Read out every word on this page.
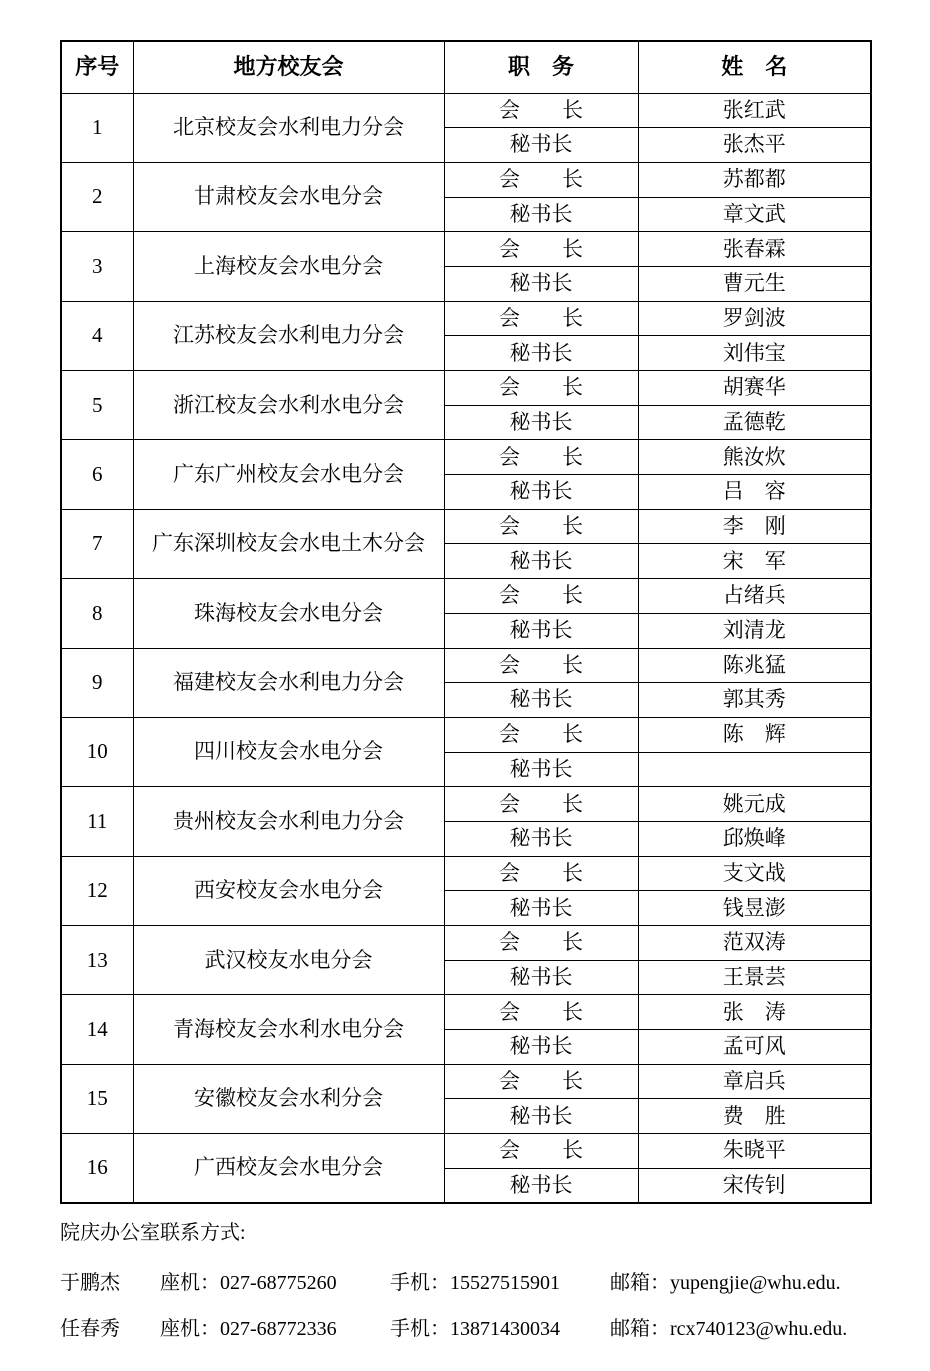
序号	地方校友会	职　务	姓　名
1	北京校友会水利电力分会	会　　长	张红武
		秘书长	张杰平
2	甘肃校友会水电分会	会　　长	苏都都
		秘书长	章文武
3	上海校友会水电分会	会　　长	张春霖
		秘书长	曹元生
4	江苏校友会水利电力分会	会　　长	罗剑波
		秘书长	刘伟宝
5	浙江校友会水利水电分会	会　　长	胡赛华
		秘书长	孟德乾
6	广东广州校友会水电分会	会　　长	熊汝炊
		秘书长	吕　容
7	广东深圳校友会水电土木分会	会　　长	李　刚
		秘书长	宋　军
8	珠海校友会水电分会	会　　长	占绪兵
		秘书长	刘清龙
9	福建校友会水利电力分会	会　　长	陈兆猛
		秘书长	郭其秀
10	四川校友会水电分会	会　　长	陈　辉
		秘书长	
11	贵州校友会水利电力分会	会　　长	姚元成
		秘书长	邱焕峰
12	西安校友会水电分会	会　　长	支文战
		秘书长	钱昱澎
13	武汉校友水电分会	会　　长	范双涛
		秘书长	王景芸
14	青海校友会水利水电分会	会　　长	张　涛
		秘书长	孟可风
15	安徽校友会水利分会	会　　长	章启兵
		秘书长	费　胜
16	广西校友会水电分会	会　　长	朱晓平
		秘书长	宋传钊
院庆办公室联系方式:
于鹏杰 座机：027-68775260	手机：15527515901	邮箱：yupengjie@whu.edu.
任春秀 座机：027-68772336	手机：13871430034	邮箱：rcx740123@whu.edu.
